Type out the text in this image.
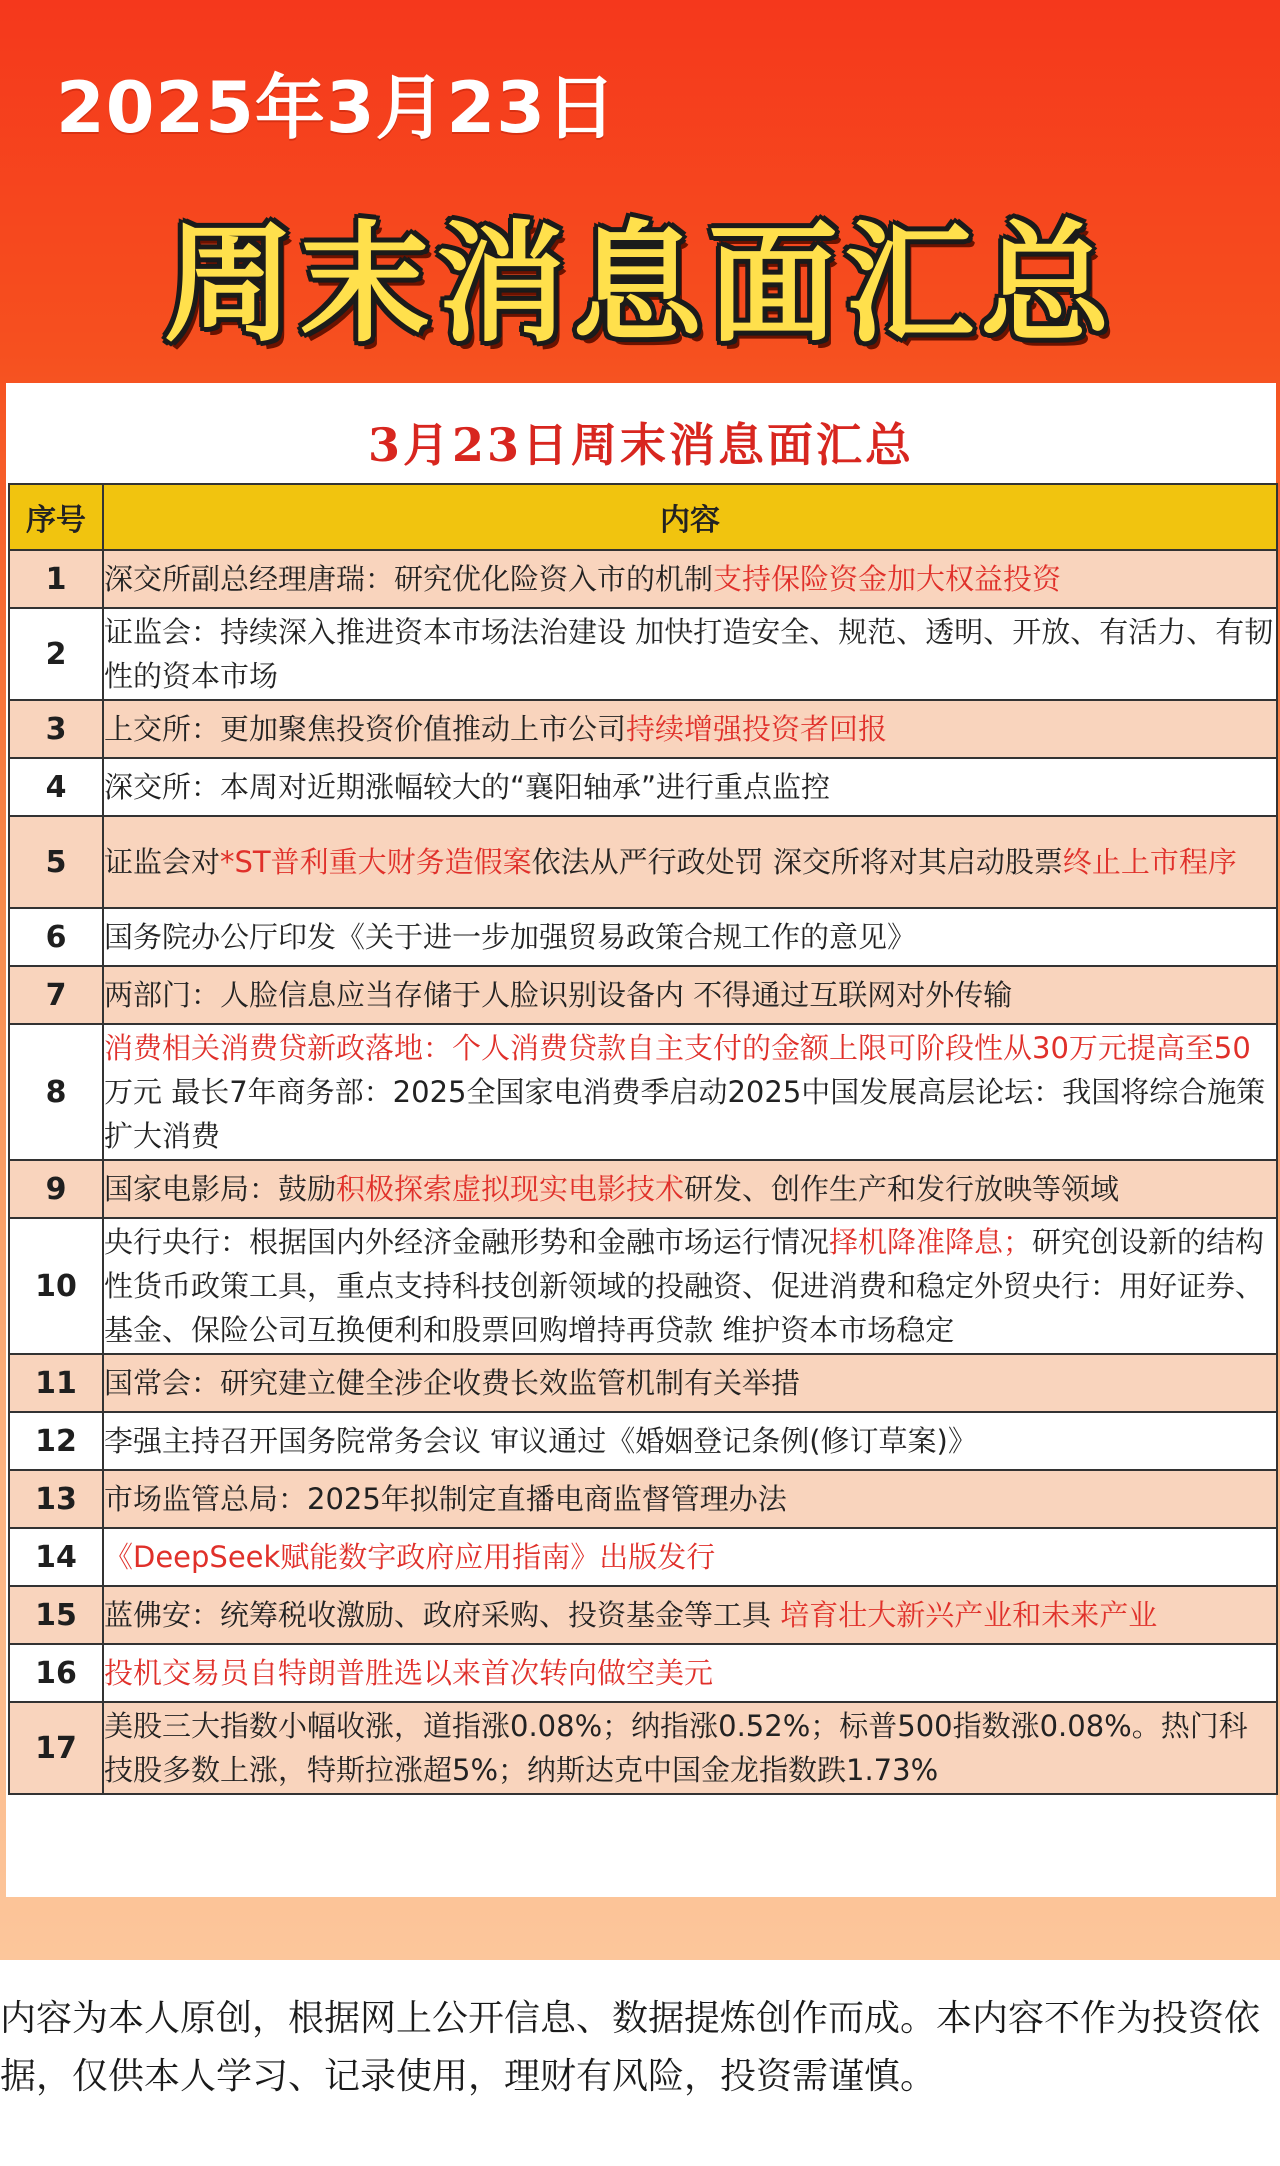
2025年3月23日
周末消息面汇总
3月23日周末消息面汇总
序号	内容
1	深交所副总经理唐瑞：研究优化险资入市的机制支持保险资金加大权益投资
2	证监会：持续深入推进资本市场法治建设 加快打造安全、规范、透明、开放、有活力、有韧性的资本市场
3	上交所：更加聚焦投资价值推动上市公司持续增强投资者回报
4	深交所：本周对近期涨幅较大的“襄阳轴承”进行重点监控
5	证监会对*ST普利重大财务造假案依法从严行政处罚 深交所将对其启动股票终止上市程序
6	国务院办公厅印发《关于进一步加强贸易政策合规工作的意见》
7	两部门：人脸信息应当存储于人脸识别设备内 不得通过互联网对外传输
8	消费相关消费贷新政落地：个人消费贷款自主支付的金额上限可阶段性从30万元提高至50万元 最长7年商务部：2025全国家电消费季启动2025中国发展高层论坛：我国将综合施策扩大消费
9	国家电影局：鼓励积极探索虚拟现实电影技术研发、创作生产和发行放映等领域
10	央行央行：根据国内外经济金融形势和金融市场运行情况择机降准降息；研究创设新的结构性货币政策工具，重点支持科技创新领域的投融资、促进消费和稳定外贸央行：用好证券、基金、保险公司互换便利和股票回购增持再贷款 维护资本市场稳定
11	国常会：研究建立健全涉企收费长效监管机制有关举措
12	李强主持召开国务院常务会议 审议通过《婚姻登记条例(修订草案)》
13	市场监管总局：2025年拟制定直播电商监督管理办法
14	《DeepSeek赋能数字政府应用指南》出版发行
15	蓝佛安：统筹税收激励、政府采购、投资基金等工具 培育壮大新兴产业和未来产业
16	投机交易员自特朗普胜选以来首次转向做空美元
17	美股三大指数小幅收涨，道指涨0.08%；纳指涨0.52%；标普500指数涨0.08%。热门科技股多数上涨，特斯拉涨超5%；纳斯达克中国金龙指数跌1.73%
内容为本人原创，根据网上公开信息、数据提炼创作而成。本内容不作为投资依据，仅供本人学习、记录使用，理财有风险，投资需谨慎。
